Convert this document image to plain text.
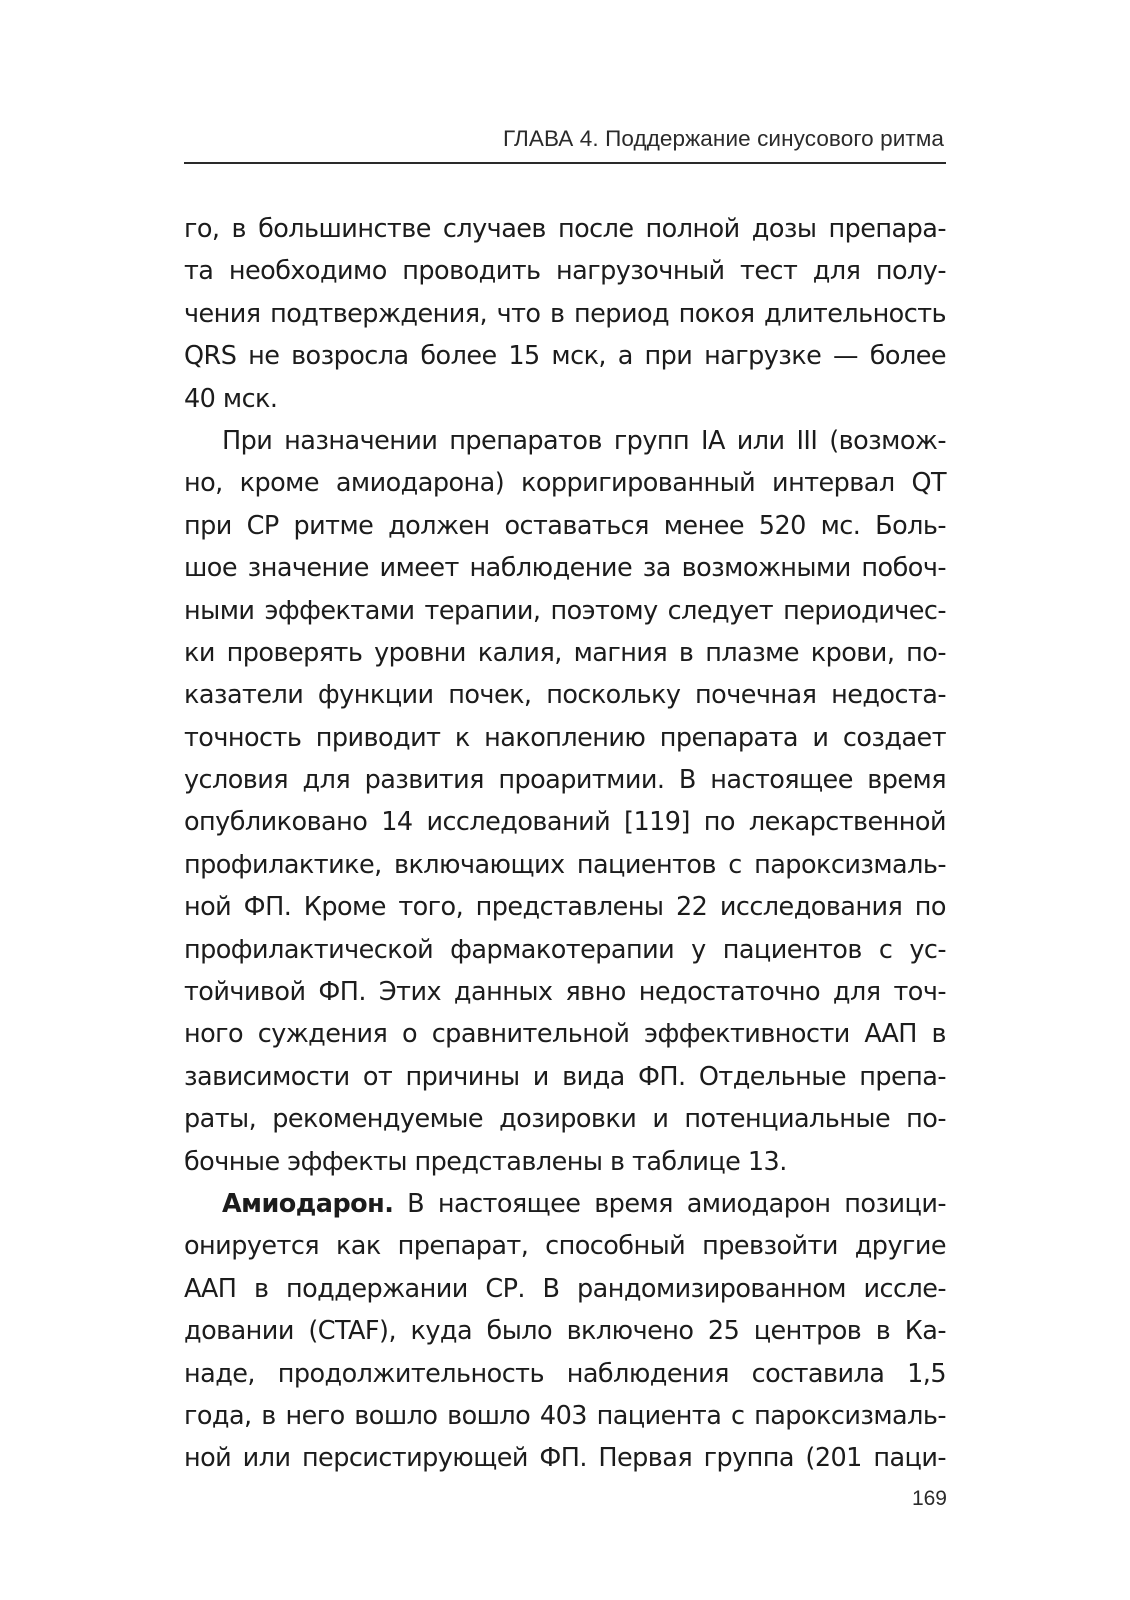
ГЛАВА 4. Поддержание синусового ритма
го, в большинстве случаев после полной дозы препара-
та необходимо проводить нагрузочный тест для полу-
чения подтверждения, что в период покоя длительность
QRS не возросла более 15 мск, а при нагрузке — более
40 мск.
При назначении препаратов групп IA или III (возмож-
но, кроме амиодарона) корригированный интервал QT
при СР ритме должен оставаться менее 520 мс. Боль-
шое значение имеет наблюдение за возможными побоч-
ными эффектами терапии, поэтому следует периодичес-
ки проверять уровни калия, магния в плазме крови, по-
казатели функции почек, поскольку почечная недоста-
точность приводит к накоплению препарата и создает
условия для развития проаритмии. В настоящее время
опубликовано 14 исследований [119] по лекарственной
профилактике, включающих пациентов с пароксизмаль-
ной ФП. Кроме того, представлены 22 исследования по
профилактической фармакотерапии у пациентов с ус-
тойчивой ФП. Этих данных явно недостаточно для точ-
ного суждения о сравнительной эффективности ААП в
зависимости от причины и вида ФП. Отдельные препа-
раты, рекомендуемые дозировки и потенциальные по-
бочные эффекты представлены в таблице 13.
Амиодарон. В настоящее время амиодарон позици-
онируется как препарат, способный превзойти другие
ААП в поддержании СР. В рандомизированном иссле-
довании (CTAF), куда было включено 25 центров в Ка-
наде, продолжительность наблюдения составила 1,5
года, в него вошло вошло 403 пациента с пароксизмаль-
ной или персистирующей ФП. Первая группа (201 паци-
169
